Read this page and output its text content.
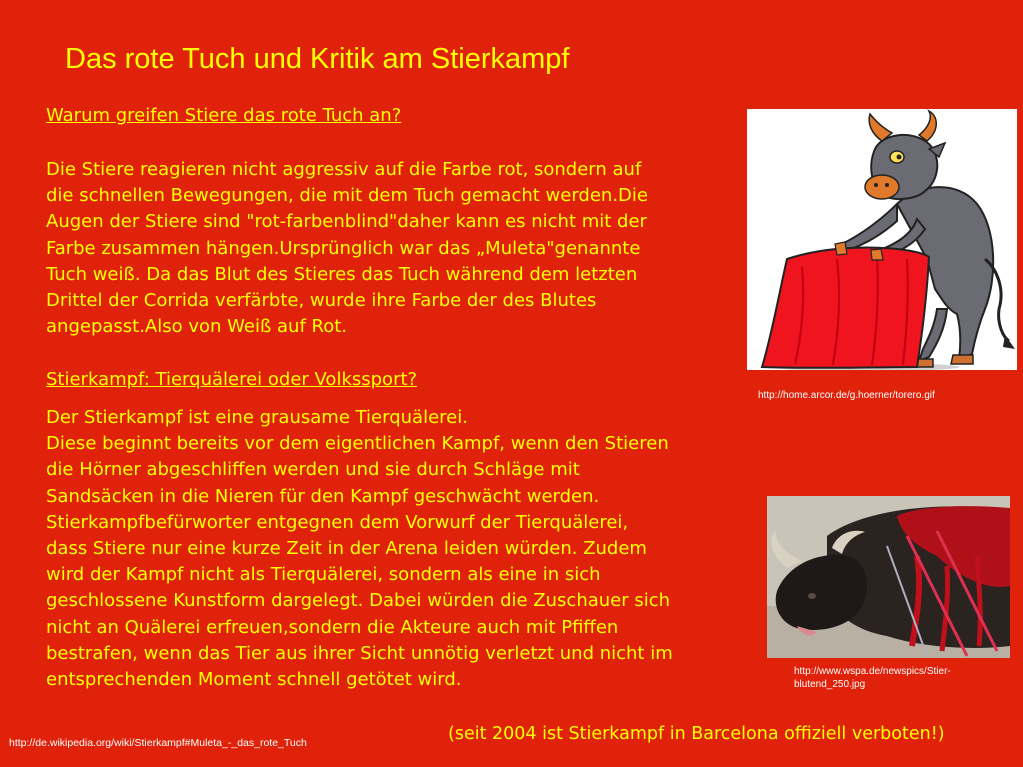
Das rote Tuch und Kritik am Stierkampf
Warum greifen Stiere das rote Tuch an?
Die Stiere reagieren nicht aggressiv auf die Farbe rot, sondern auf
die schnellen Bewegungen, die mit dem Tuch gemacht werden.Die
Augen der Stiere sind "rot-farbenblind"daher kann es nicht mit der
Farbe zusammen hängen.Ursprünglich war das „Muleta"genannte
Tuch weiß. Da das Blut des Stieres das Tuch während dem letzten
Drittel der Corrida verfärbte, wurde ihre Farbe der des Blutes
angepasst.Also von Weiß auf Rot.
Stierkampf: Tierquälerei oder Volkssport?
Der Stierkampf ist eine grausame Tierquälerei.
Diese beginnt bereits vor dem eigentlichen Kampf, wenn den Stieren
die Hörner abgeschliffen werden und sie durch Schläge mit
Sandsäcken in die Nieren für den Kampf geschwächt werden.
Stierkampfbefürworter entgegnen dem Vorwurf der Tierquälerei,
dass Stiere nur eine kurze Zeit in der Arena leiden würden. Zudem
wird der Kampf nicht als Tierquälerei, sondern als eine in sich
geschlossene Kunstform dargelegt. Dabei würden die Zuschauer sich
nicht an Quälerei erfreuen,sondern die Akteure auch mit Pfiffen
bestrafen, wenn das Tier aus ihrer Sicht unnötig verletzt und nicht im
entsprechenden Moment schnell getötet wird.
http://home.arcor.de/g.hoerner/torero.gif
http://www.wspa.de/newspics/Stier-blutend_250.jpg
http://de.wikipedia.org/wiki/Stierkampf#Muleta_-_das_rote_Tuch	(seit 2004 ist Stierkampf in Barcelona offiziell verboten!)
